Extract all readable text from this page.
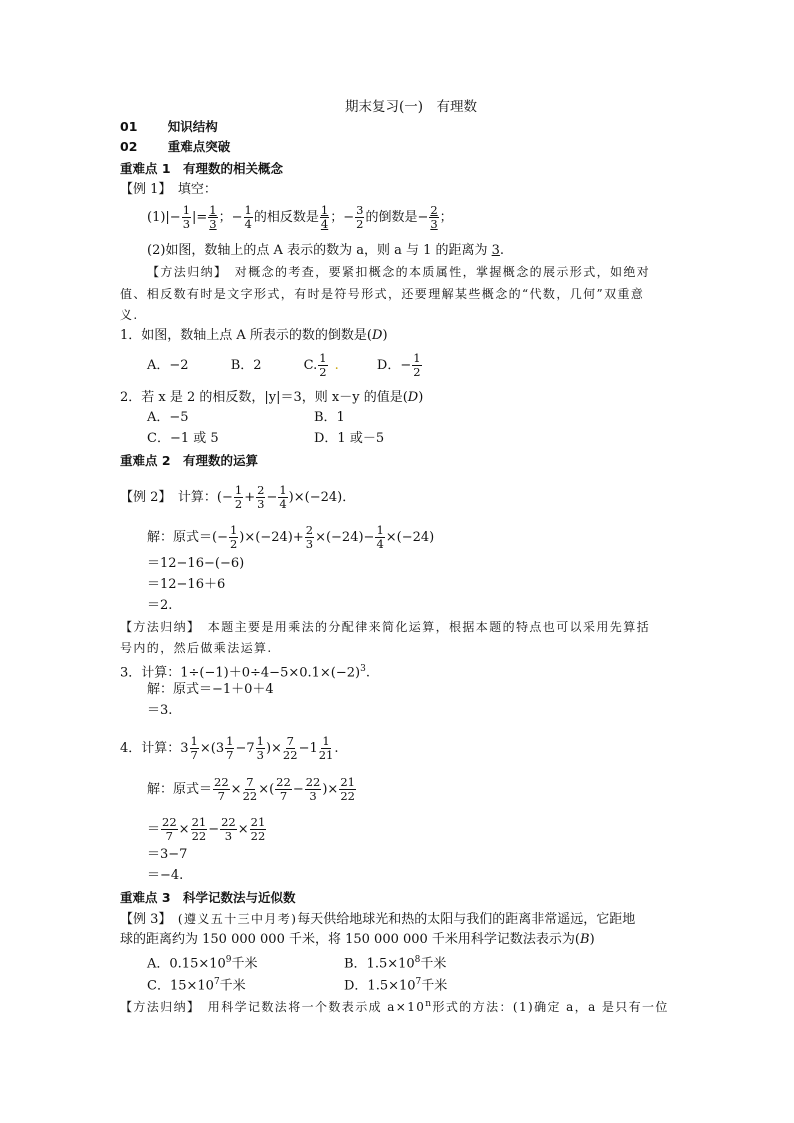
期末复习(一)　有理数
01 知识结构
02 重难点突破
重难点 1　有理数的相关概念
【例 1】　填空：
$(1)|- \frac{1}{3}$ |= $\frac{1}{3}$ ；− $\frac{1}{4}$ 的相反数是 $\frac{1}{4}$ ；− $\frac{3}{2}$ 的倒数是− $\frac{2}{3}$ ；
(2)如图，数轴上的点 A 表示的数为 a，则 a 与 1 的距离为 3.
【方法归纳】　对概念的考查，要紧扣概念的本质属性，掌握概念的展示形式，如绝对
值、相反数有时是文字形式，有时是符号形式，还要理解某些概念的“代数，几何”双重意
义.
1．如图，数轴上点 A 所表示的数的倒数是(D)
A．−2	B．2	C. $\frac{1}{2}$ .	D．− $\frac{1}{2}$
2．若 x 是 2 的相反数，|y|＝3，则 x－y 的值是(D)
A．−5	B．1
C．−1 或 5	D．1 或－5
重难点 2　有理数的运算
【例 2】　计算：(− $\frac{1}{2} + \frac{2}{3} - \frac{1}{4} )\times(-24)$．
解：原式＝(− $\frac{1}{2} )\times(-24)+ \frac{2}{3} \times(-24)- \frac{1}{4} \times(-24)$
＝12−16−(−6)
＝12−16＋6
＝2.
【方法归纳】　本题主要是用乘法的分配律来简化运算，根据本题的特点也可以采用先算括
号内的，然后做乘法运算.
3．计算：$1\div(-1)+0\div 4-5\times 0.1\times(-2)^3$.
解：原式＝−1＋0＋4
＝3.
4．计算：$3 \frac{1}{7} \times(3 \frac{1}{7} -7 \frac{1}{3}$ )× $\frac{7}{22} -1 \frac{1}{21}$ .
解：原式＝ $\frac{22}{7} \times \frac{7}{22}$ ×( $\frac{22}{7} - \frac{22}{3}$ )× $\frac{21}{22}$
＝ $\frac{22}{7} \times \frac{21}{22} - \frac{22}{3} \times \frac{21}{22}$
＝3−7
＝−4.
重难点 3　科学记数法与近似数
【例 3】　(遵义五十三中月考)每天供给地球光和热的太阳与我们的距离非常遥远，它距地
球的距离约为 150 000 000 千米，将 150 000 000 千米用科学记数法表示为(B)
A．$0.15\times 10^9$千米	B．$1.5\times 10^8$千米
C．$15\times 10^7$千米	D．$1.5\times 10^7$千米
【方法归纳】　用科学记数法将一个数表示成 $a\times 10^n$形式的方法：(1)确定 a，a 是只有一位
